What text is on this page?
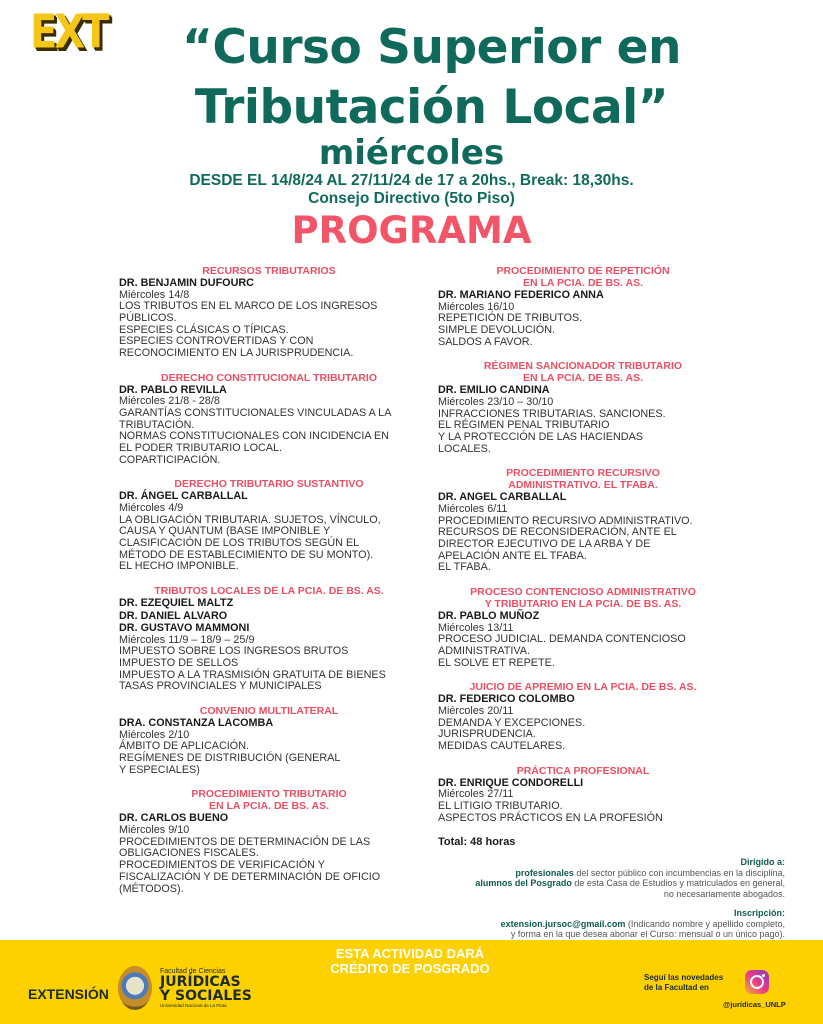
EXT	“Curso Superior en
Tributación Local”
miércoles
DESDE EL 14/8/24 AL 27/11/24 de 17 a 20hs., Break: 18,30hs.
Consejo Directivo (5to Piso)
PROGRAMA
RECURSOS TRIBUTARIOS
DR. BENJAMIN DUFOURC
Miércoles 14/8
LOS TRIBUTOS EN EL MARCO DE LOS INGRESOS
PÚBLICOS.
ESPECIES CLÁSICAS O TÍPICAS.
ESPECIES CONTROVERTIDAS Y CON
RECONOCIMIENTO EN LA JURISPRUDENCIA.
DERECHO CONSTITUCIONAL TRIBUTARIO
DR. PABLO REVILLA
Miércoles 21/8 - 28/8
GARANTÍAS CONSTITUCIONALES VINCULADAS A LA
TRIBUTACIÓN.
NORMAS CONSTITUCIONALES CON INCIDENCIA EN
EL PODER TRIBUTARIO LOCAL.
COPARTICIPACIÓN.
DERECHO TRIBUTARIO SUSTANTIVO
DR. ÁNGEL CARBALLAL
Miércoles 4/9
LA OBLIGACIÓN TRIBUTARIA. SUJETOS, VÍNCULO,
CAUSA Y QUANTUM (BASE IMPONIBLE Y
CLASIFICACIÓN DE LOS TRIBUTOS SEGÚN EL
MÉTODO DE ESTABLECIMIENTO DE SU MONTO).
EL HECHO IMPONIBLE.
TRIBUTOS LOCALES DE LA PCIA. DE BS. AS.
DR. EZEQUIEL MALTZ
DR. DANIEL ALVARO
DR. GUSTAVO MAMMONI
Miércoles 11/9 – 18/9 – 25/9
IMPUESTO SOBRE LOS INGRESOS BRUTOS
IMPUESTO DE SELLOS
IMPUESTO A LA TRASMISIÓN GRATUITA DE BIENES
TASAS PROVINCIALES Y MUNICIPALES
CONVENIO MULTILATERAL
DRA. CONSTANZA LACOMBA
Miércoles 2/10
ÁMBITO DE APLICACIÓN.
REGÍMENES DE DISTRIBUCIÓN (GENERAL
Y ESPECIALES)
PROCEDIMIENTO TRIBUTARIO
EN LA PCIA. DE BS. AS.
DR. CARLOS BUENO
Miércoles 9/10
PROCEDIMIENTOS DE DETERMINACIÓN DE LAS
OBLIGACIONES FISCALES.
PROCEDIMIENTOS DE VERIFICACIÓN Y
FISCALIZACIÓN Y DE DETERMINACIÓN DE OFICIO
(MÉTODOS).
PROCEDIMIENTO DE REPETICIÓN
EN LA PCIA. DE BS. AS.
DR. MARIANO FEDERICO ANNA
Miércoles 16/10
REPETICIÓN DE TRIBUTOS.
SIMPLE DEVOLUCIÓN.
SALDOS A FAVOR.
RÉGIMEN SANCIONADOR TRIBUTARIO
EN LA PCIA. DE BS. AS.
DR. EMILIO CANDINA
Miércoles 23/10 – 30/10
INFRACCIONES TRIBUTARIAS. SANCIONES.
EL RÉGIMEN PENAL TRIBUTARIO
Y LA PROTECCIÓN DE LAS HACIENDAS
LOCALES.
PROCEDIMIENTO RECURSIVO
ADMINISTRATIVO. EL TFABA.
DR. ANGEL CARBALLAL
Miércoles 6/11
PROCEDIMIENTO RECURSIVO ADMINISTRATIVO.
RECURSOS DE RECONSIDERACIÓN, ANTE EL
DIRECTOR EJECUTIVO DE LA ARBA Y DE
APELACIÓN ANTE EL TFABA.
EL TFABA.
PROCESO CONTENCIOSO ADMINISTRATIVO
Y TRIBUTARIO EN LA PCIA. DE BS. AS.
DR. PABLO MUÑOZ
Miércoles 13/11
PROCESO JUDICIAL. DEMANDA CONTENCIOSO
ADMINISTRATIVA.
EL SOLVE ET REPETE.
JUICIO DE APREMIO EN LA PCIA. DE BS. AS.
DR. FEDERICO COLOMBO
Miércoles 20/11
DEMANDA Y EXCEPCIONES.
JURISPRUDENCIA.
MEDIDAS CAUTELARES.
PRÁCTICA PROFESIONAL
DR. ENRIQUE CONDORELLI
Miércoles 27/11
EL LITIGIO TRIBUTARIO.
ASPECTOS PRÁCTICOS EN LA PROFESIÓN
Total: 48 horas
Dirigido a:
profesionales del sector público con incumbencias en la disciplina,
alumnos del Posgrado de esta Casa de Estudios y matriculados en general,
no necesariamente abogados.
Inscripción:
extension.jursoc@gmail.com (Indicando nombre y apellido completo,
y forma en la que desea abonar el Curso: mensual o un único pago).
ESTA ACTIVIDAD DARÁ
CRÉDITO DE POSGRADO
EXTENSIÓN
Facultad de Ciencias
JURÍDICAS
Y SOCIALES
Universidad Nacional de La Plata
Seguí las novedades
de la Facultad en
@jurídicas_UNLP
